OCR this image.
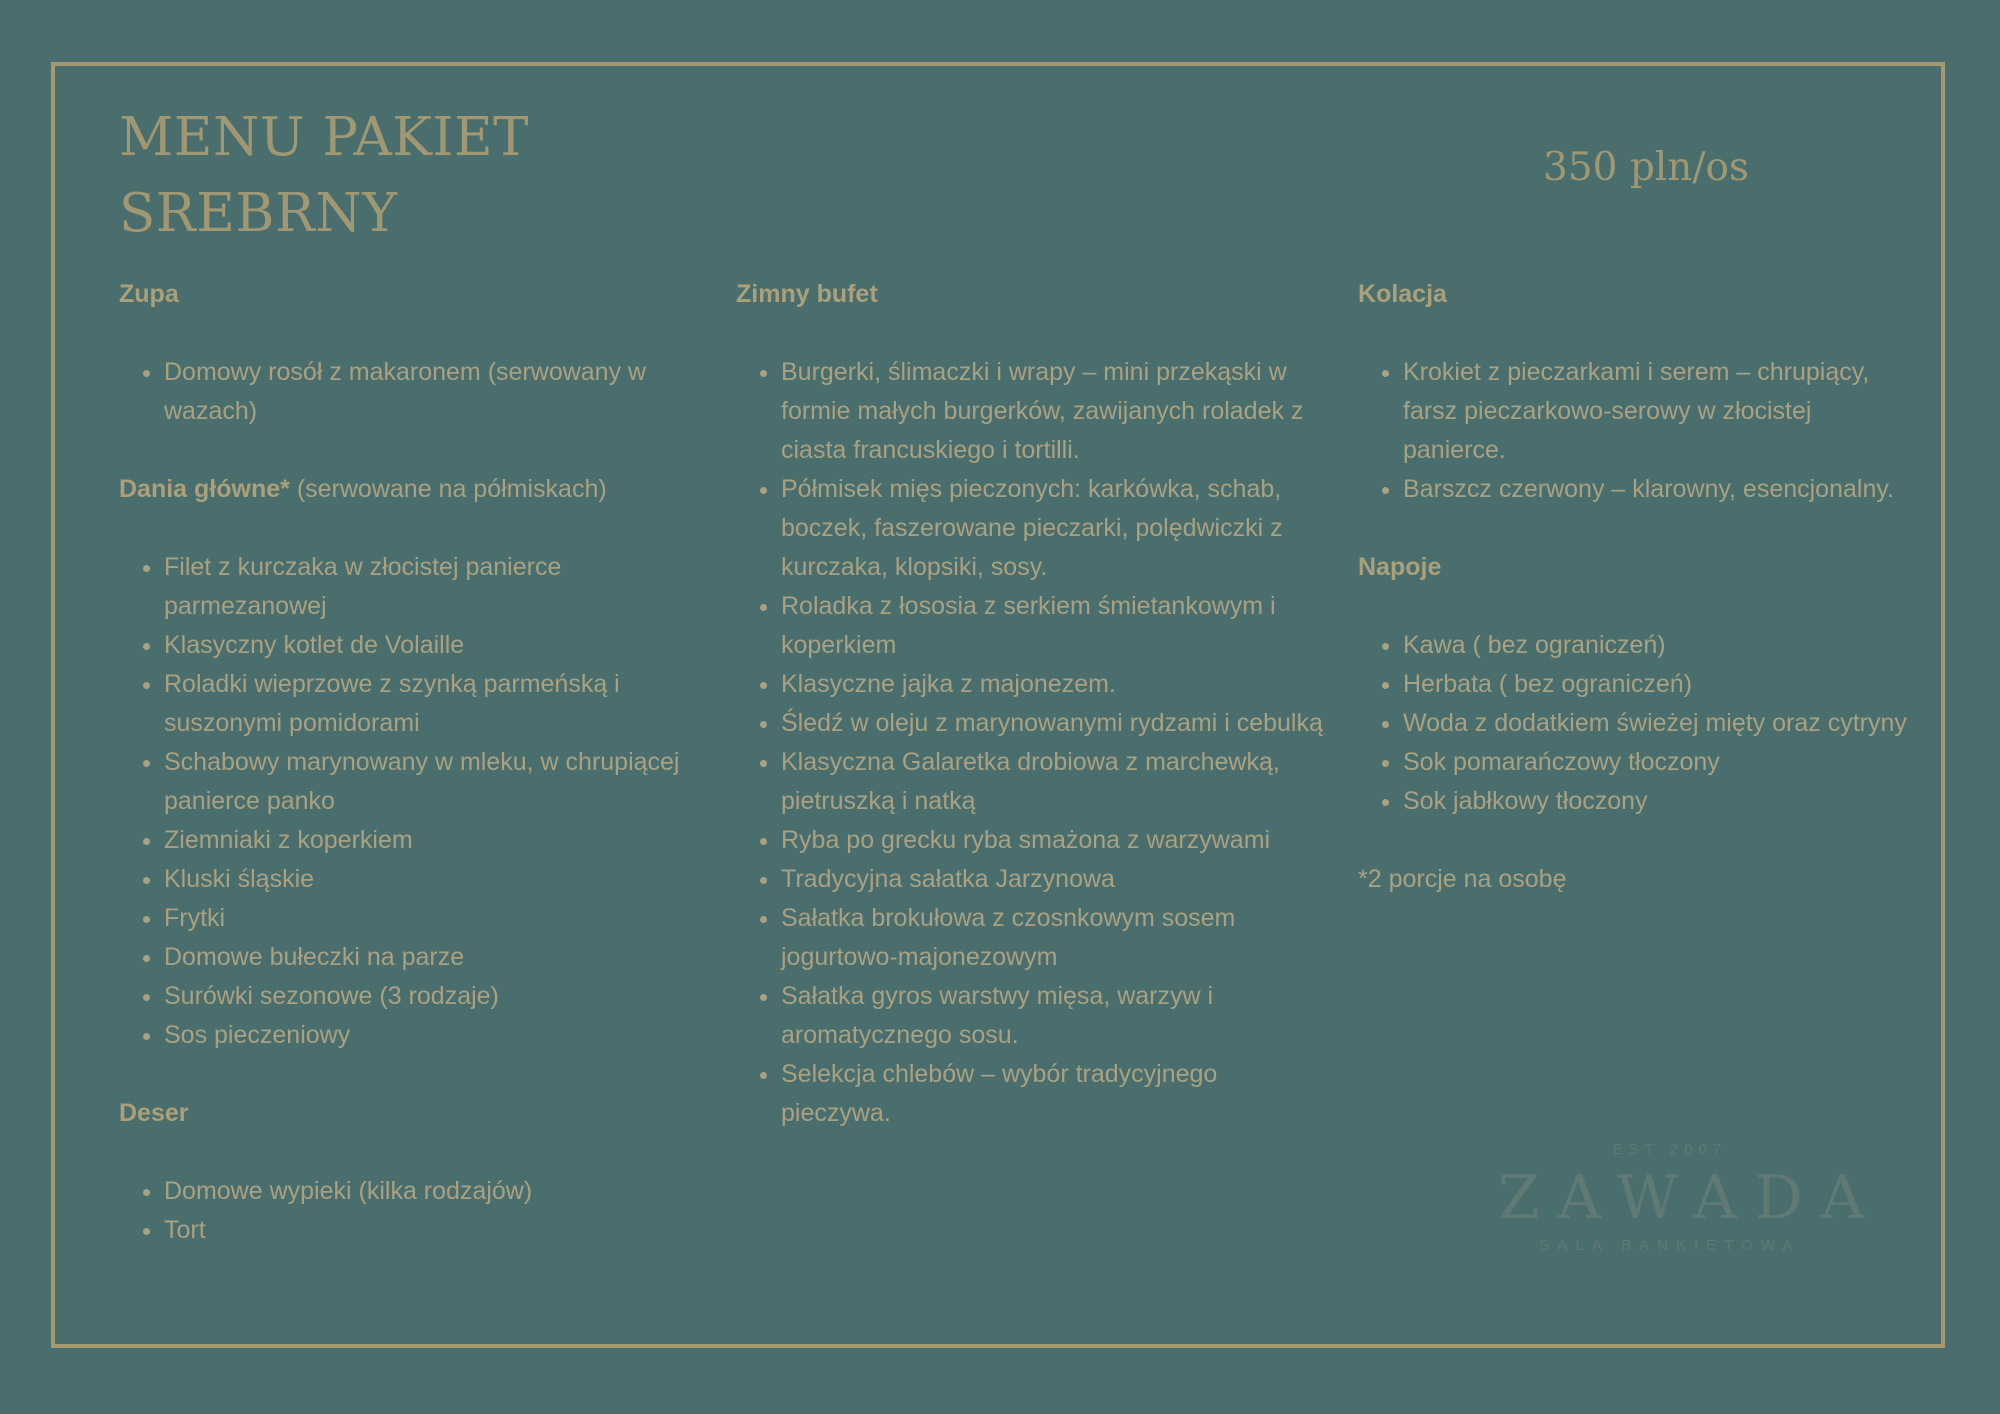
MENU PAKIET
SREBRNY

350 pln/os

Zupa
• Domowy rosół z makaronem (serwowany w wazach)
Dania główne* (serwowane na półmiskach)
• Filet z kurczaka w złocistej panierce parmezanowej
• Klasyczny kotlet de Volaille
• Roladki wieprzowe z szynką parmeńską i suszonymi pomidorami
• Schabowy marynowany w mleku, w chrupiącej panierce panko
• Ziemniaki z koperkiem
• Kluski śląskie
• Frytki
• Domowe bułeczki na parze
• Surówki sezonowe (3 rodzaje)
• Sos pieczeniowy
Deser
• Domowe wypieki (kilka rodzajów)
• Tort
Zimny bufet
• Burgerki, ślimaczki i wrapy – mini przekąski w formie małych burgerków, zawijanych roladek z ciasta francuskiego i tortilli.
• Półmisek mięs pieczonych: karkówka, schab, boczek, faszerowane pieczarki, polędwiczki z kurczaka, klopsiki, sosy.
• Roladka z łososia z serkiem śmietankowym i koperkiem
• Klasyczne jajka z majonezem.
• Śledź w oleju z marynowanymi rydzami i cebulką
• Klasyczna Galaretka drobiowa z marchewką, pietruszką i natką
• Ryba po grecku ryba smażona z warzywami
• Tradycyjna sałatka Jarzynowa
• Sałatka brokułowa z czosnkowym sosem jogurtowo-majonezowym
• Sałatka gyros warstwy mięsa, warzyw i aromatycznego sosu.
• Selekcja chlebów – wybór tradycyjnego pieczywa.
Kolacja
• Krokiet z pieczarkami i serem – chrupiący, farsz pieczarkowo-serowy w złocistej panierce.
• Barszcz czerwony – klarowny, esencjonalny.
Napoje
• Kawa ( bez ograniczeń)
• Herbata ( bez ograniczeń)
• Woda z dodatkiem świeżej mięty oraz cytryny
• Sok pomarańczowy tłoczony
• Sok jabłkowy tłoczony

*2 porcje na osobę

EST 2007
ZAWADA
SALA BANKIETOWA
